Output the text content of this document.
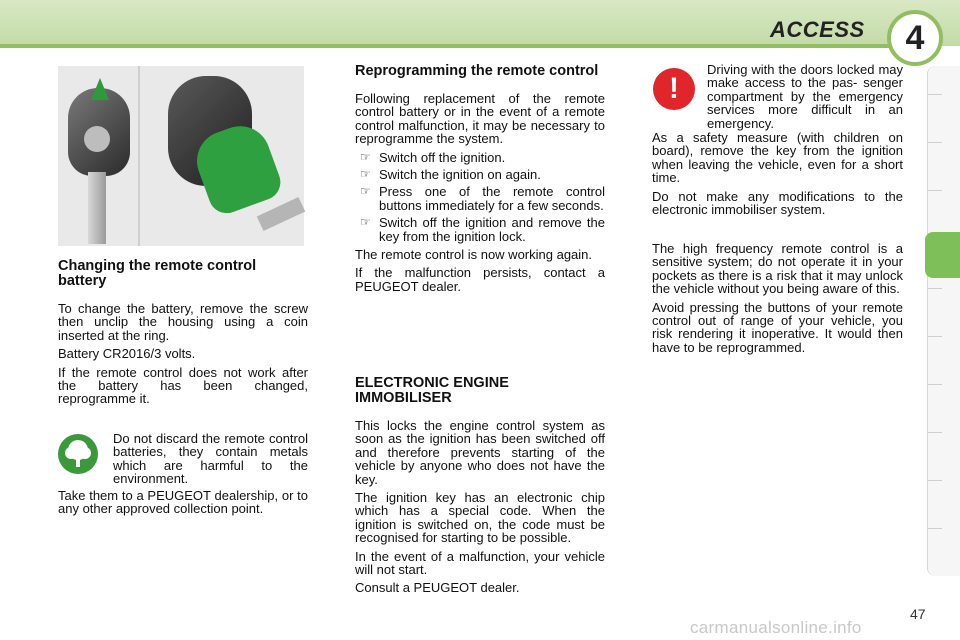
ACCESS	4
Changing the remote control battery

To change the battery, remove the screw then unclip the housing using a coin inserted at the ring.

Battery CR2016/3 volts.

If the remote control does not work after the battery has been changed, reprogramme it.

Do not discard the remote control batteries, they contain metals which are harmful to the environment.

Take them to a PEUGEOT dealership, or to any other approved collection point.

Reprogramming the remote control

Following replacement of the remote control battery or in the event of a remote control malfunction, it may be necessary to reprogramme the system.

☞ Switch off the ignition.
☞ Switch the ignition on again.
☞ Press one of the remote control buttons immediately for a few seconds.
☞ Switch off the ignition and remove the key from the ignition lock.

The remote control is now working again.

If the malfunction persists, contact a PEUGEOT dealer.

ELECTRONIC ENGINE IMMOBILISER

This locks the engine control system as soon as the ignition has been switched off and therefore prevents starting of the vehicle by anyone who does not have the key.

The ignition key has an electronic chip which has a special code. When the ignition is switched on, the code must be recognised for starting to be possible.

In the event of a malfunction, your vehicle will not start.

Consult a PEUGEOT dealer.

!

Driving with the doors locked may make access to the pas- senger compartment by the emergency services more difficult in an emergency.

As a safety measure (with children on board), remove the key from the ignition when leaving the vehicle, even for a short time.

Do not make any modifications to the electronic immobiliser system.

The high frequency remote control is a sensitive system; do not operate it in your pockets as there is a risk that it may unlock the vehicle without you being aware of this.

Avoid pressing the buttons of your remote control out of range of your vehicle, you risk rendering it inoperative. It would then have to be reprogrammed.

47
carmanualsonline.info
